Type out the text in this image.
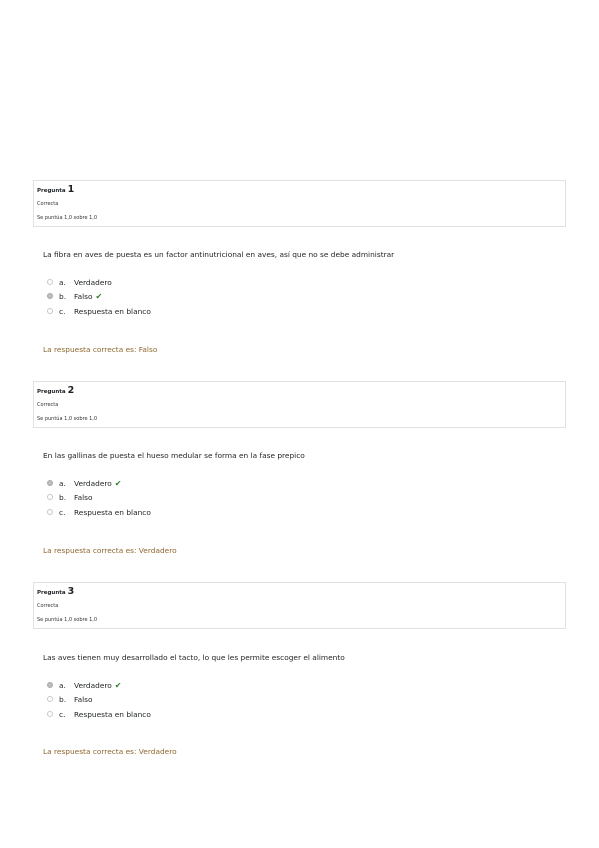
Pregunta 1
Correcta
Se puntúa 1,0 sobre 1,0
La fibra en aves de puesta es un factor antinutricional en aves, así que no se debe administrar
a.	Verdadero
b.	Falso ✔
c.	Respuesta en blanco
La respuesta correcta es: Falso
Pregunta 2
Correcta
Se puntúa 1,0 sobre 1,0
En las gallinas de puesta el hueso medular se forma en la fase prepico
a.	Verdadero ✔
b.	Falso
c.	Respuesta en blanco
La respuesta correcta es: Verdadero
Pregunta 3
Correcta
Se puntúa 1,0 sobre 1,0
Las aves tienen muy desarrollado el tacto, lo que les permite escoger el alimento
a.	Verdadero ✔
b.	Falso
c.	Respuesta en blanco
La respuesta correcta es: Verdadero
